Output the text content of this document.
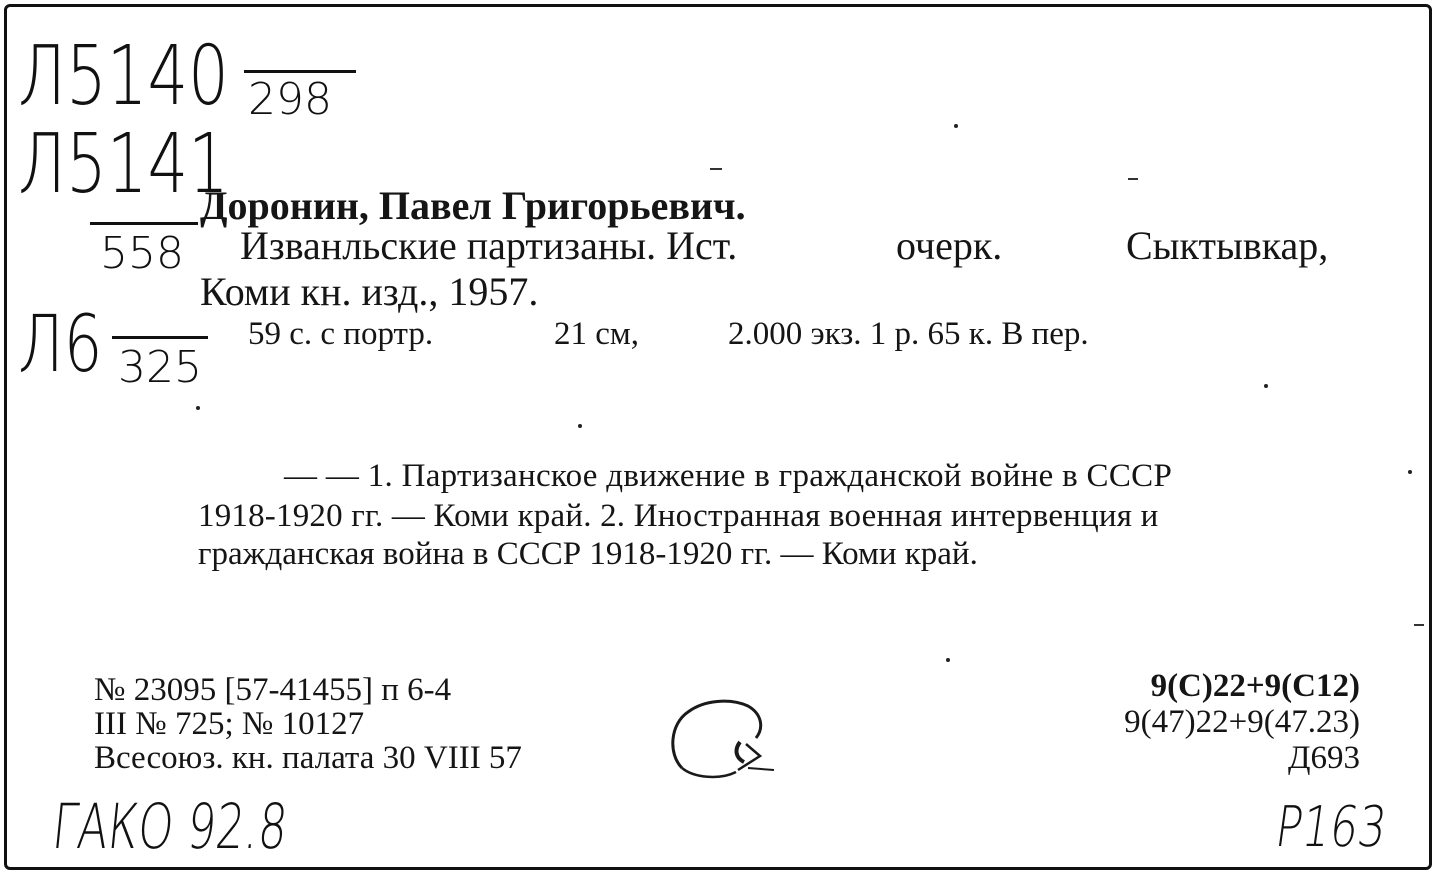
Л5140 298
Л5141
558
Л6 325
Доронин, Павел Григорьевич.
Изванльские партизаны. Ист.	очерк.	Сыктывкар,
Коми кн. изд., 1957.
59 с. с портр.	21 см,	2.000 экз. 1 р. 65 к. В пер.
— — 1. Партизанское движение в гражданской войне в СССР
1918-1920 гг. — Коми край. 2. Иностранная военная интервенция и
гражданская война в СССР 1918-1920 гг. — Коми край.
№ 23095 [57-41455] п 6-4
III № 725; № 10127
Всесоюз. кн. палата 30 VIII 57
9(С)22+9(С12)
9(47)22+9(47.23)
Д693
ГАКО 92.8	Р163
